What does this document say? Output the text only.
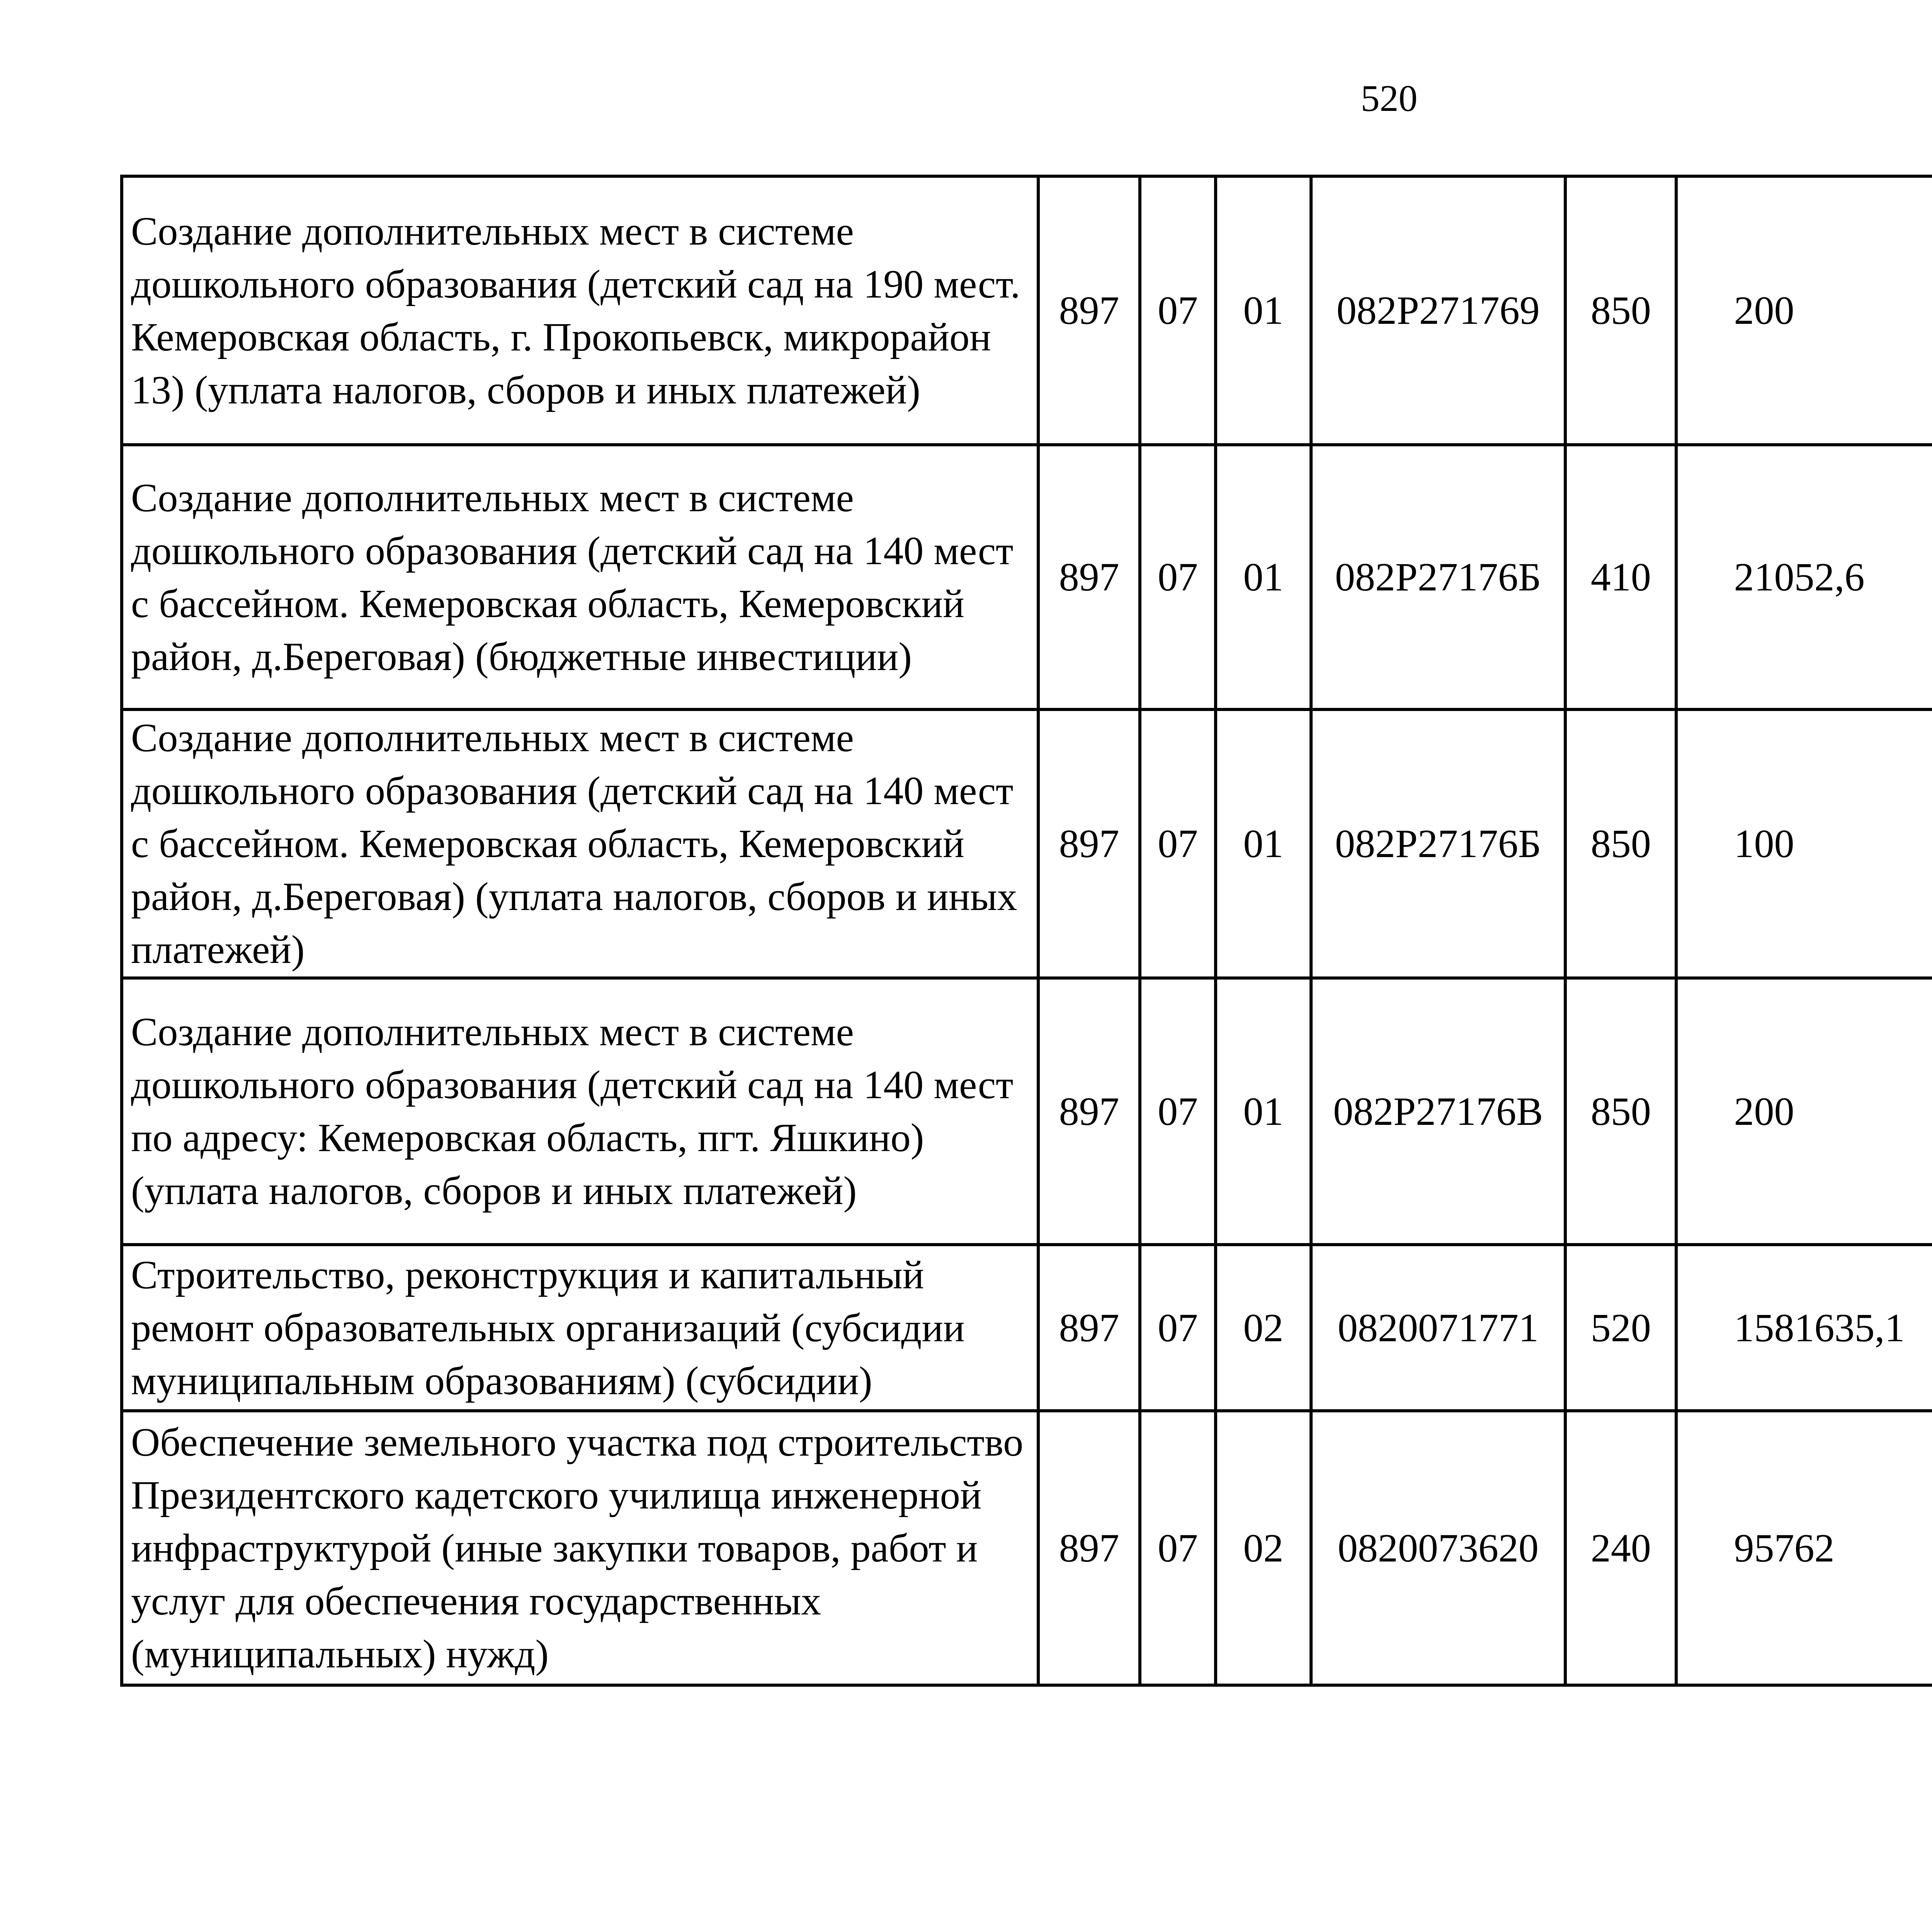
520
Создание дополнительных мест в системе дошкольного образования (детский сад на 190 мест. Кемеровская область, г. Прокопьевск, микрорайон 13) (уплата налогов, сборов и иных платежей)	897	07	01	082Р271769	850	200		
Создание дополнительных мест в системе дошкольного образования (детский сад на 140 мест с бассейном. Кемеровская область, Кемеровский район, д.Береговая) (бюджетные инвестиции)	897	07	01	082Р27176Б	410	21052,6		
Создание дополнительных мест в системе дошкольного образования (детский сад на 140 мест с бассейном. Кемеровская область, Кемеровский район, д.Береговая) (уплата налогов, сборов и иных платежей)	897	07	01	082Р27176Б	850	100		
Создание дополнительных мест в системе дошкольного образования (детский сад на 140 мест по адресу: Кемеровская область, пгт. Яшкино) (уплата налогов, сборов и иных платежей)	897	07	01	082Р27176В	850	200		
Строительство, реконструкция и капитальный ремонт образовательных организаций (субсидии муниципальным образованиям) (субсидии)	897	07	02	0820071771	520	1581635,1		
Обеспечение земельного участка под строительство Президентского кадетского училища инженерной инфраструктурой (иные закупки товаров, работ и услуг для обеспечения государственных (муниципальных) нужд)	897	07	02	0820073620	240	95762		
